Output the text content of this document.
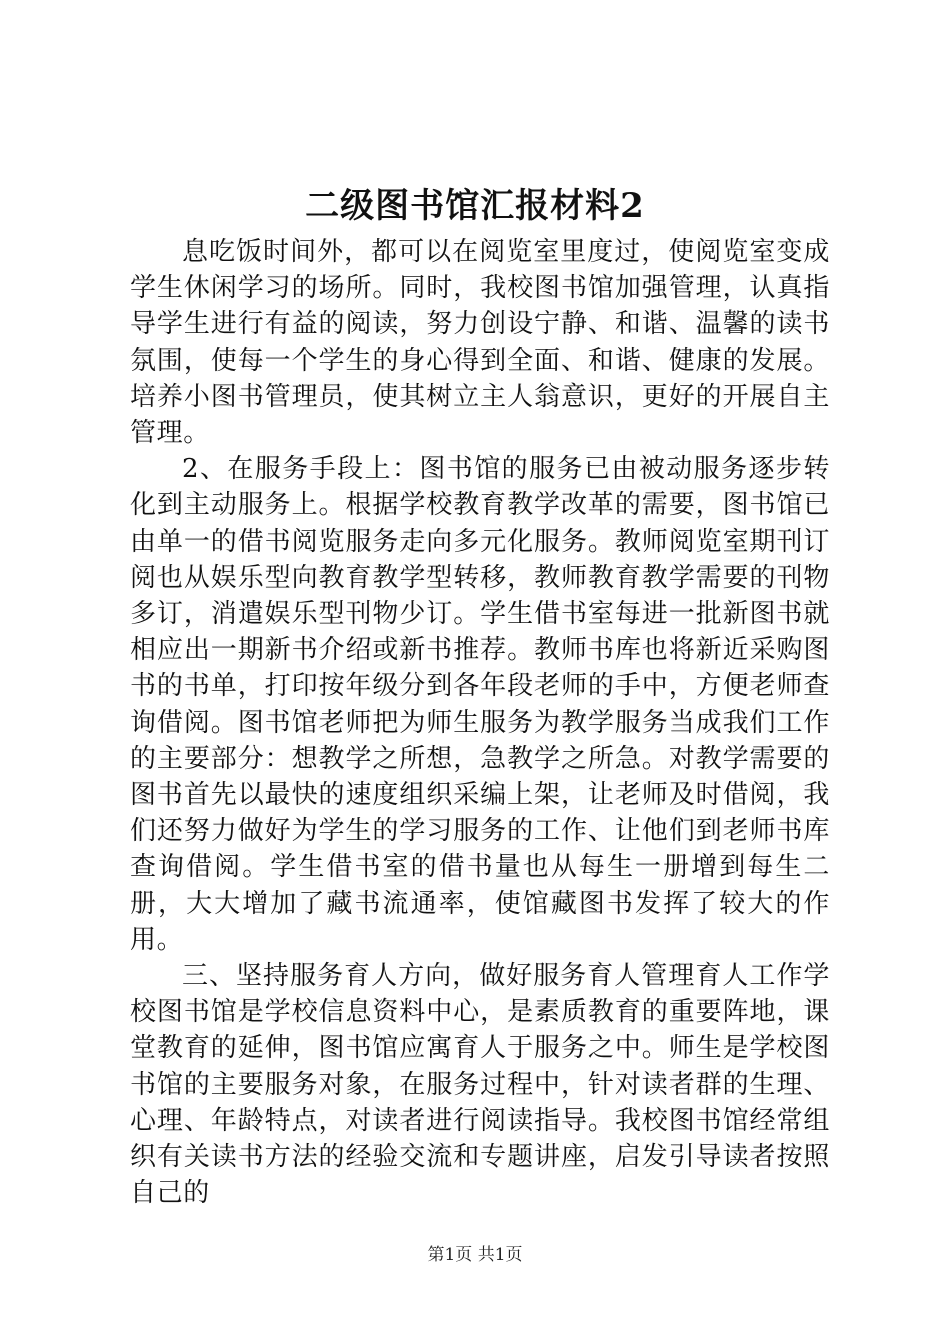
二级图书馆汇报材料2

息吃饭时间外，都可以在阅览室里度过，使阅览室变成学生休闲学习的场所。同时，我校图书馆加强管理，认真指导学生进行有益的阅读，努力创设宁静、和谐、温馨的读书氛围，使每一个学生的身心得到全面、和谐、健康的发展。培养小图书管理员，使其树立主人翁意识，更好的开展自主管理。

2、在服务手段上：图书馆的服务已由被动服务逐步转化到主动服务上。根据学校教育教学改革的需要，图书馆已由单一的借书阅览服务走向多元化服务。教师阅览室期刊订阅也从娱乐型向教育教学型转移，教师教育教学需要的刊物多订，消遣娱乐型刊物少订。学生借书室每进一批新图书就相应出一期新书介绍或新书推荐。教师书库也将新近采购图书的书单，打印按年级分到各年段老师的手中，方便老师查询借阅。图书馆老师把为师生服务为教学服务当成我们工作的主要部分：想教学之所想，急教学之所急。对教学需要的图书首先以最快的速度组织采编上架，让老师及时借阅，我们还努力做好为学生的学习服务的工作、让他们到老师书库查询借阅。学生借书室的借书量也从每生一册增到每生二册，大大增加了藏书流通率，使馆藏图书发挥了较大的作用。

三、坚持服务育人方向，做好服务育人管理育人工作学校图书馆是学校信息资料中心，是素质教育的重要阵地，课堂教育的延伸，图书馆应寓育人于服务之中。师生是学校图书馆的主要服务对象，在服务过程中，针对读者群的生理、心理、年龄特点，对读者进行阅读指导。我校图书馆经常组织有关读书方法的经验交流和专题讲座，启发引导读者按照自己的

第1页 共1页
